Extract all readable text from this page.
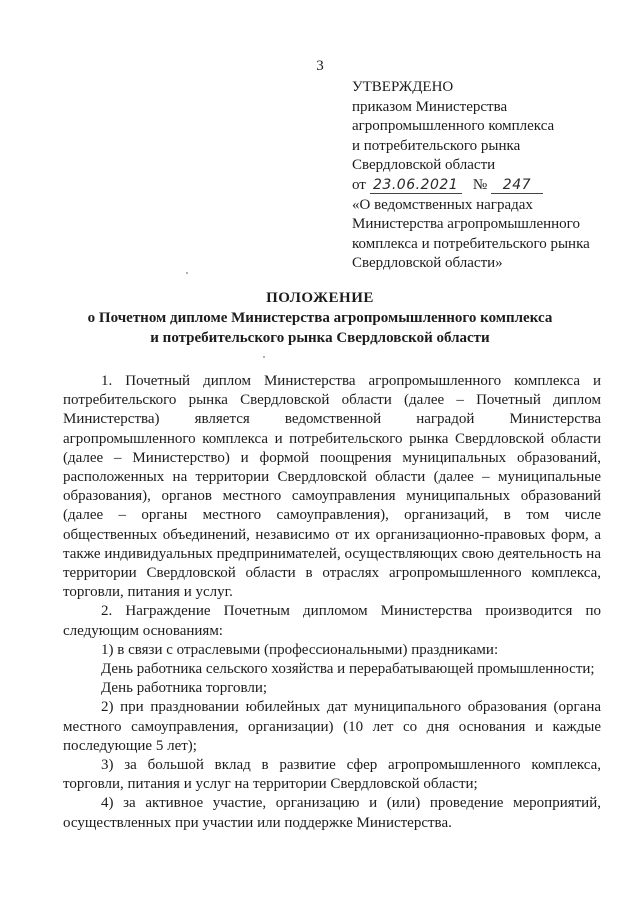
3
УТВЕРЖДЕНО
приказом Министерства
агропромышленного комплекса
и потребительского рынка
Свердловской области
от 23.06.2021 № 247
«О ведомственных наградах
Министерства агропромышленного
комплекса и потребительского рынка
Свердловской области»
ПОЛОЖЕНИЕ
о Почетном дипломе Министерства агропромышленного комплекса
и потребительского рынка Свердловской области

1. Почетный диплом Министерства агропромышленного комплекса и потребительского рынка Свердловской области (далее – Почетный диплом Министерства) является ведомственной наградой Министерства агропромышленного комплекса и потребительского рынка Свердловской области (далее – Министерство) и формой поощрения муниципальных образований, расположенных на территории Свердловской области (далее – муниципальные образования), органов местного самоуправления муниципальных образований (далее – органы местного самоуправления), организаций, в том числе общественных объединений, независимо от их организационно-правовых форм, а также индивидуальных предпринимателей, осуществляющих свою деятельность на территории Свердловской области в отраслях агропромышленного комплекса, торговли, питания и услуг.

2. Награждение Почетным дипломом Министерства производится по следующим основаниям:

1) в связи с отраслевыми (профессиональными) праздниками:

День работника сельского хозяйства и перерабатывающей промышленности;

День работника торговли;

2) при праздновании юбилейных дат муниципального образования (органа местного самоуправления, организации) (10 лет со дня основания и каждые последующие 5 лет);

3) за большой вклад в развитие сфер агропромышленного комплекса, торговли, питания и услуг на территории Свердловской области;

4) за активное участие, организацию и (или) проведение мероприятий, осуществленных при участии или поддержке Министерства.
